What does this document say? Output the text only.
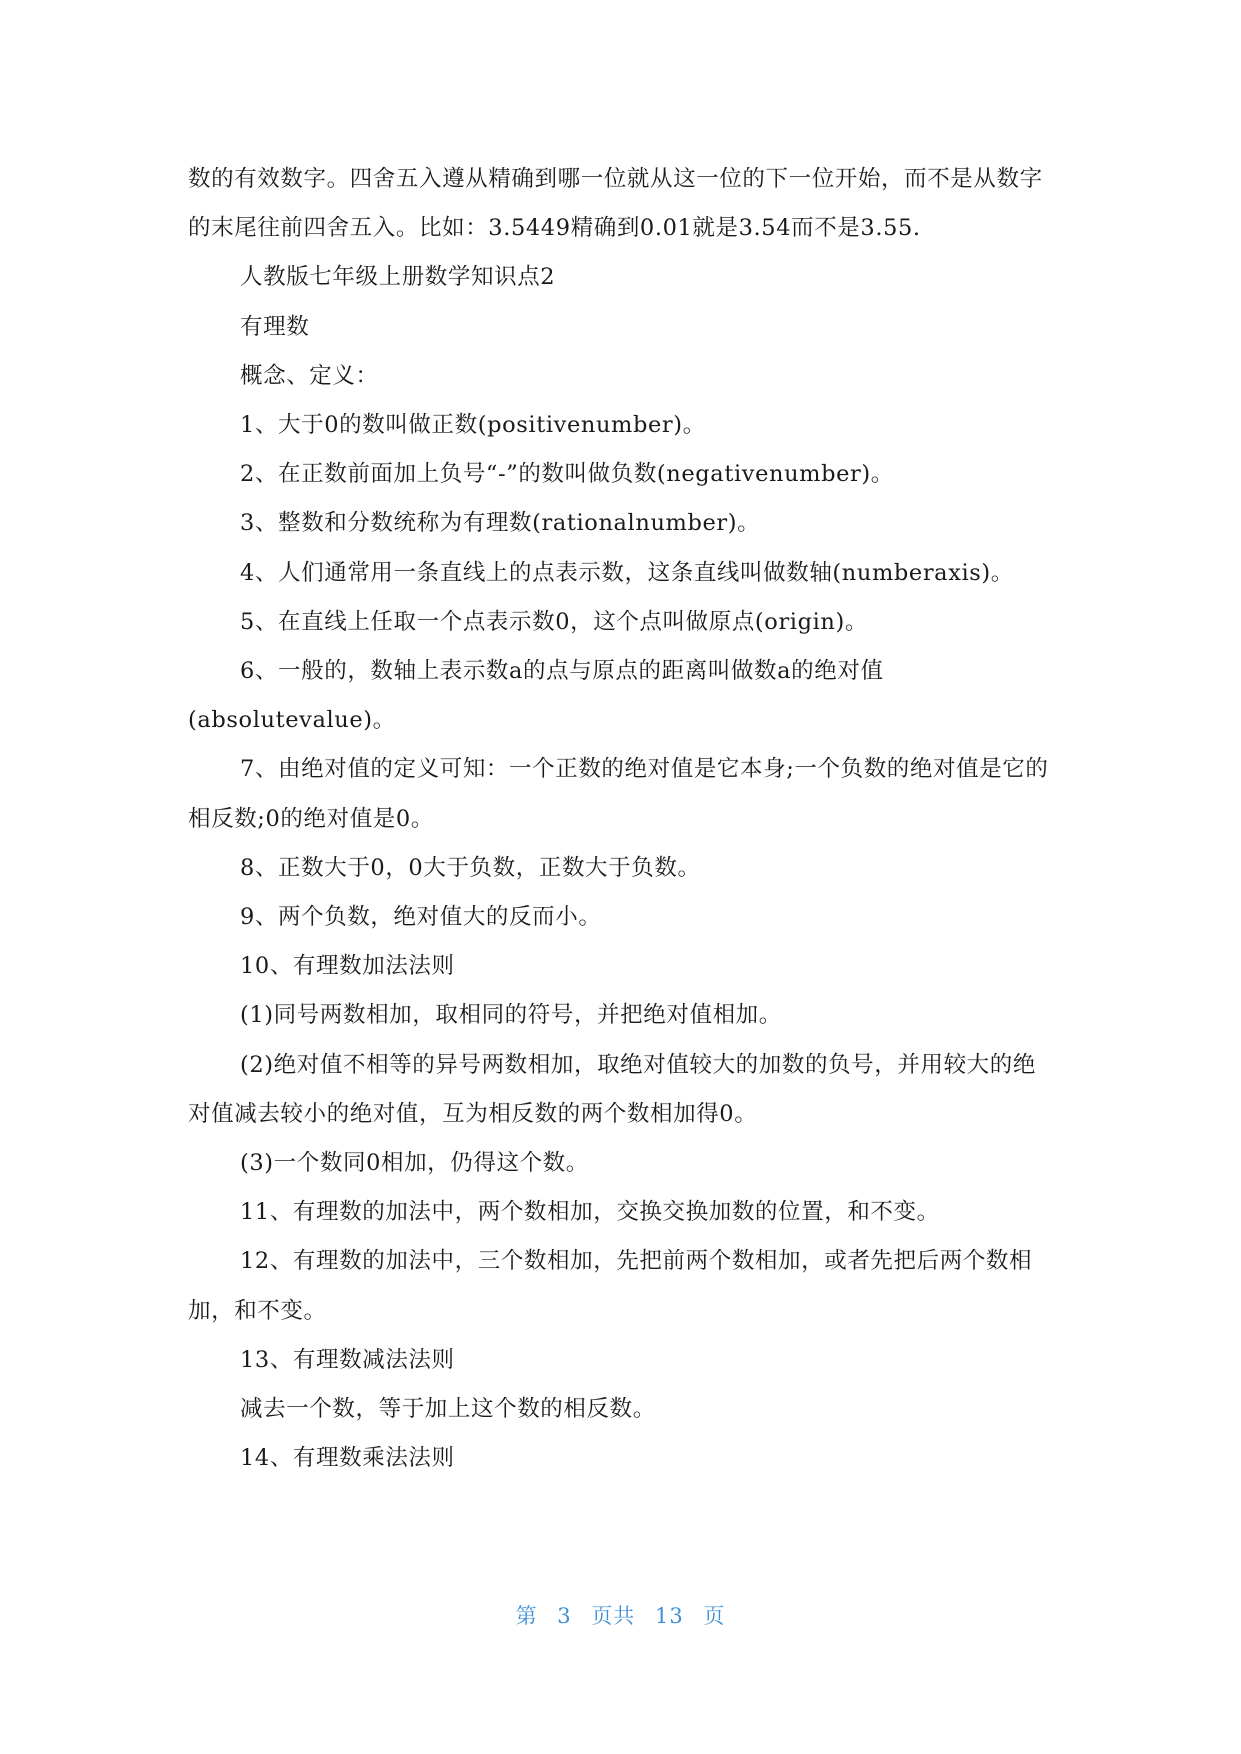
数的有效数字。四舍五入遵从精确到哪一位就从这一位的下一位开始，而不是从数字的末尾往前四舍五入。比如：3.5449精确到0.01就是3.54而不是3.55.

人教版七年级上册数学知识点2

有理数

概念、定义：

1、大于0的数叫做正数(positivenumber)。

2、在正数前面加上负号“-”的数叫做负数(negativenumber)。

3、整数和分数统称为有理数(rationalnumber)。

4、人们通常用一条直线上的点表示数，这条直线叫做数轴(numberaxis)。

5、在直线上任取一个点表示数0，这个点叫做原点(origin)。

6、一般的，数轴上表示数a的点与原点的距离叫做数a的绝对值(absolutevalue)。

7、由绝对值的定义可知：一个正数的绝对值是它本身;一个负数的绝对值是它的相反数;0的绝对值是0。

8、正数大于0，0大于负数，正数大于负数。

9、两个负数，绝对值大的反而小。

10、有理数加法法则

(1)同号两数相加，取相同的符号，并把绝对值相加。

(2)绝对值不相等的异号两数相加，取绝对值较大的加数的负号，并用较大的绝对值减去较小的绝对值，互为相反数的两个数相加得0。

(3)一个数同0相加，仍得这个数。

11、有理数的加法中，两个数相加，交换交换加数的位置，和不变。

12、有理数的加法中，三个数相加，先把前两个数相加，或者先把后两个数相加，和不变。

13、有理数减法法则

减去一个数，等于加上这个数的相反数。

14、有理数乘法法则

第 3 页共 13 页
